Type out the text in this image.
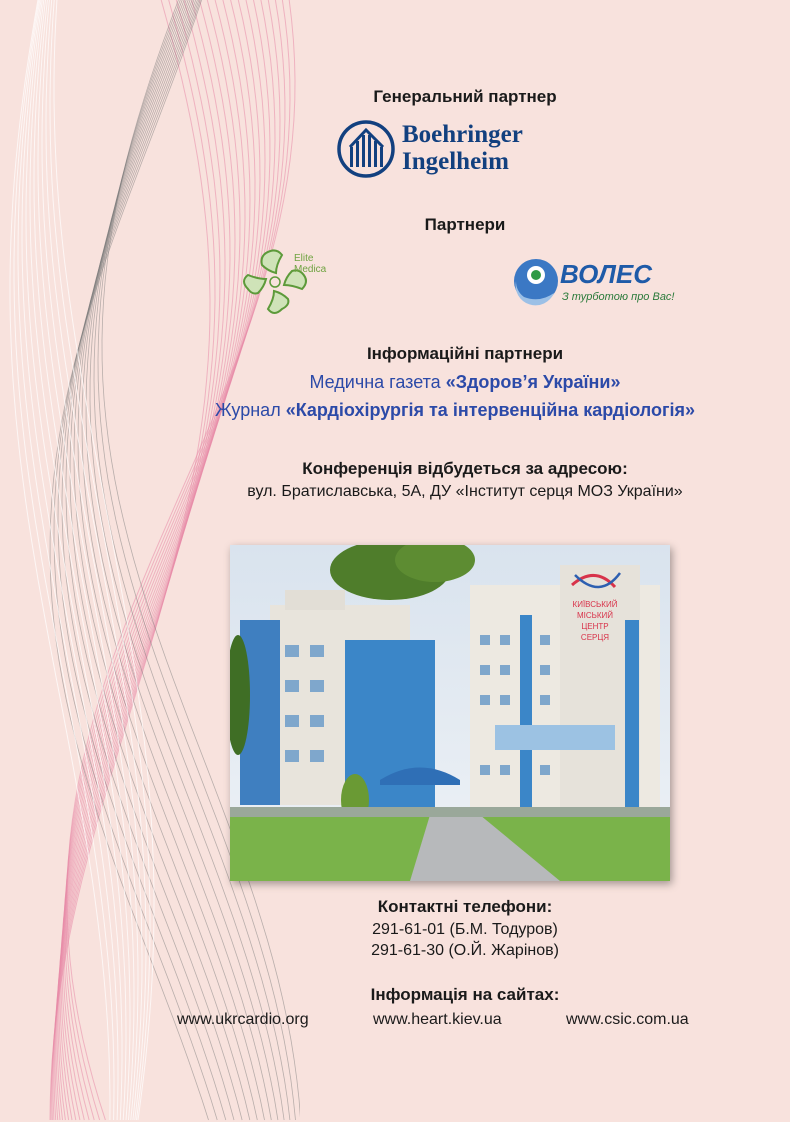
Генеральний партнер
Boehringer
Ingelheim
Партнери
Elite
Medica	ВОЛЕС
З турботою про Вас!
Інформаційні партнери
Медична газета «Здоров’я України»
Журнал «Кардіохірургія та інтервенційна кардіологія»
Конференція відбудеться за адресою:
вул. Братиславська, 5А, ДУ «Інститут серця МОЗ України»
КИЇВСЬКИЙ
МІСЬКИЙ
ЦЕНТР
СЕРЦЯ
Контактні телефони:
291-61-01 (Б.М. Тодуров)
291-61-30 (О.Й. Жарінов)
Інформація на сайтах:
www.ukrcardio.org	www.heart.kiev.ua	www.csic.com.ua
